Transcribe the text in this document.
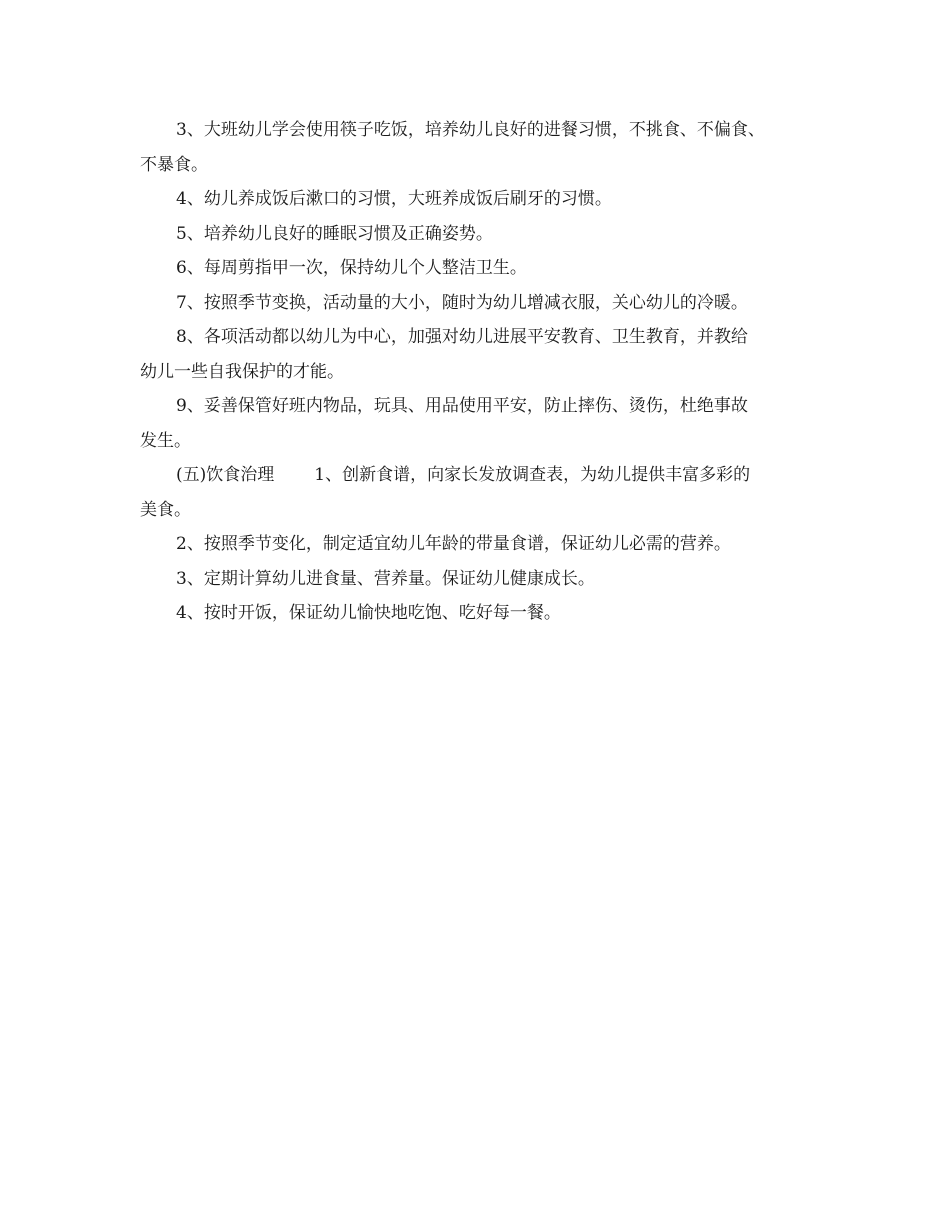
3、大班幼儿学会使用筷子吃饭，培养幼儿良好的进餐习惯，不挑食、不偏食、
不暴食。
4、幼儿养成饭后漱口的习惯，大班养成饭后刷牙的习惯。
5、培养幼儿良好的睡眠习惯及正确姿势。
6、每周剪指甲一次，保持幼儿个人整洁卫生。
7、按照季节变换，活动量的大小，随时为幼儿增减衣服，关心幼儿的冷暖。
8、各项活动都以幼儿为中心，加强对幼儿进展平安教育、卫生教育，并教给
幼儿一些自我保护的才能。
9、妥善保管好班内物品，玩具、用品使用平安，防止摔伤、烫伤，杜绝事故
发生。
(五)饮食治理 1、创新食谱，向家长发放调查表，为幼儿提供丰富多彩的
美食。
2、按照季节变化，制定适宜幼儿年龄的带量食谱，保证幼儿必需的营养。
3、定期计算幼儿进食量、营养量。保证幼儿健康成长。
4、按时开饭，保证幼儿愉快地吃饱、吃好每一餐。
